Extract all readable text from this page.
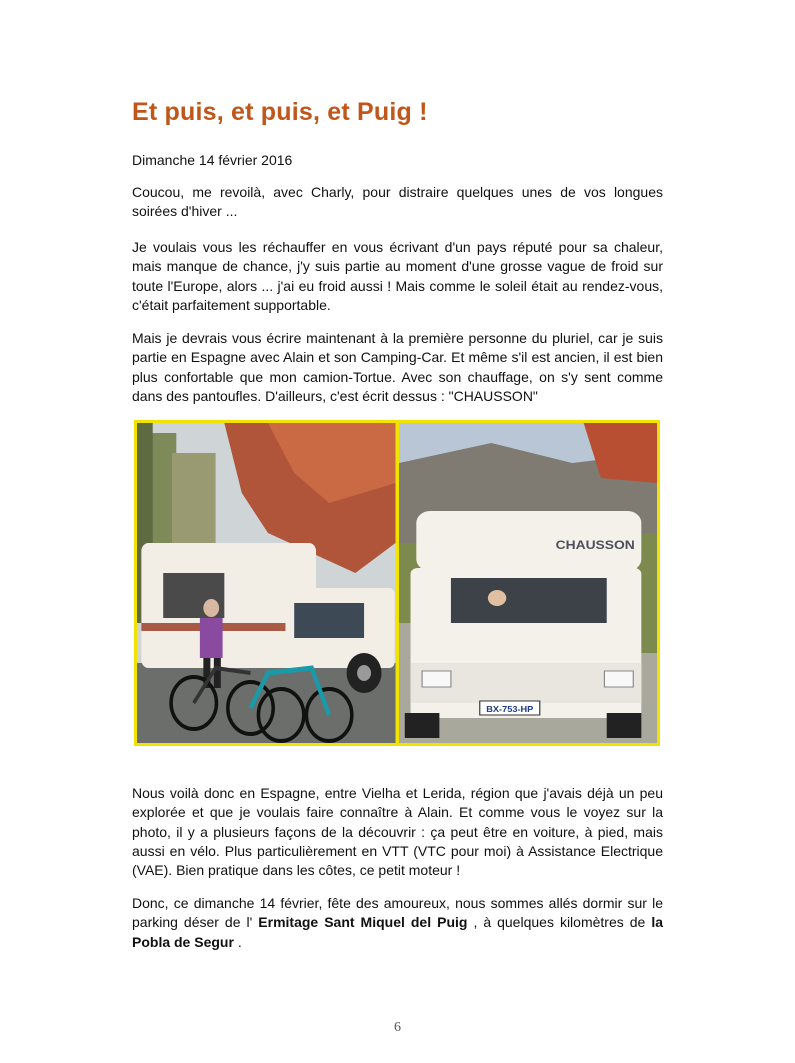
Et puis, et puis, et Puig !
Dimanche 14 février 2016

Coucou, me revoilà, avec Charly, pour distraire quelques unes de vos longues soirées d'hiver ...

Je voulais vous les réchauffer en vous écrivant d'un pays réputé pour sa chaleur, mais manque de chance, j'y suis partie au moment d'une grosse vague de froid sur toute l'Europe, alors ... j'ai eu froid aussi ! Mais comme le soleil était au rendez-vous, c'était parfaitement supportable.

Mais je devrais vous écrire maintenant à la première personne du pluriel, car je suis partie en Espagne avec Alain et son Camping-Car. Et même s'il est ancien, il est bien plus confortable que mon camion-Tortue. Avec son chauffage, on s'y sent comme dans des pantoufles. D'ailleurs, c'est écrit dessus : "CHAUSSON"

BX-753-HP
CHAUSSON

Nous voilà donc en Espagne, entre Vielha et Lerida, région que j'avais déjà un peu explorée et que je voulais faire connaître à Alain. Et comme vous le voyez sur la photo, il y a plusieurs façons de la découvrir : ça peut être en voiture, à pied, mais aussi en vélo. Plus particulièrement en VTT (VTC pour moi) à Assistance Electrique (VAE). Bien pratique dans les côtes, ce petit moteur !

Donc, ce dimanche 14 février, fête des amoureux, nous sommes allés dormir sur le parking déser de l' Ermitage Sant Miquel del Puig , à quelques kilomètres de la Pobla de Segur .

6
